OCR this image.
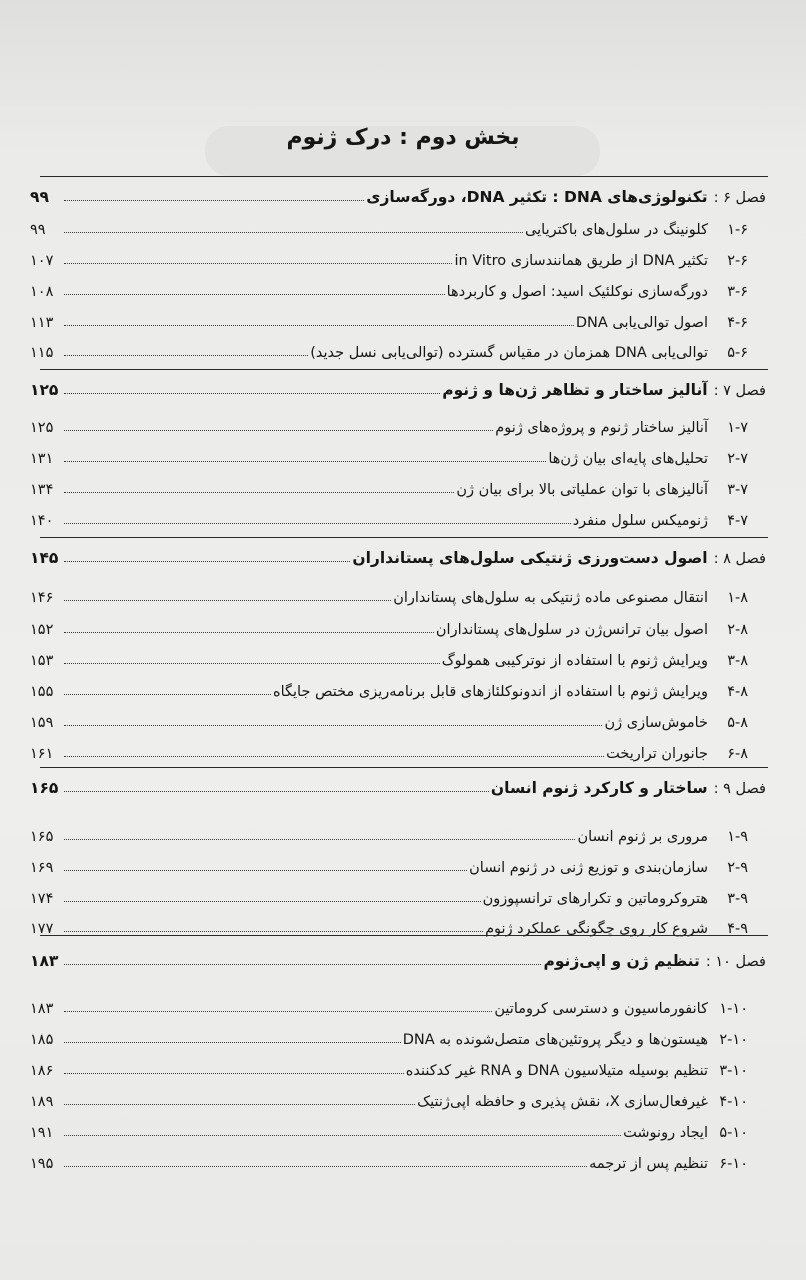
بخش دوم : درک ژنوم
فصل ۶ :
تکنولوژی‌های DNA : تکثیر DNA، دورگه‌سازی
۹۹
۱-۶
کلونینگ در سلول‌های باکتریایی
۹۹
۲-۶
تکثیر DNA از طریق همانندسازی in Vitro
۱۰۷
۳-۶
دورگه‌سازی نوکلئیک اسید: اصول و کاربردها
۱۰۸
۴-۶
اصول توالی‌یابی DNA
۱۱۳
۵-۶
توالی‌یابی DNA همزمان در مقیاس گسترده (توالی‌یابی نسل جدید)
۱۱۵
فصل ۷ :
آنالیز ساختار و تظاهر ژن‌ها و ژنوم
۱۲۵
۱-۷
آنالیز ساختار ژنوم و پروژه‌های ژنوم
۱۲۵
۲-۷
تحلیل‌های پایه‌ای بیان ژن‌ها
۱۳۱
۳-۷
آنالیزهای با توان عملیاتی بالا برای بیان ژن
۱۳۴
۴-۷
ژنومیکس سلول منفرد
۱۴۰
فصل ۸ :
اصول دست‌ورزی ژنتیکی سلول‌های پستانداران
۱۴۵
۱-۸
انتقال مصنوعی ماده ژنتیکی به سلول‌های پستانداران
۱۴۶
۲-۸
اصول بیان ترانس‌ژن در سلول‌های پستانداران
۱۵۲
۳-۸
ویرایش ژنوم با استفاده از نوترکیبی همولوگ
۱۵۳
۴-۸
ویرایش ژنوم با استفاده از اندونوکلئازهای قابل برنامه‌ریزی مختص جایگاه
۱۵۵
۵-۸
خاموش‌سازی ژن
۱۵۹
۶-۸
جانوران تراریخت
۱۶۱
فصل ۹ :
ساختار و کارکرد ژنوم انسان
۱۶۵
۱-۹
مروری بر ژنوم انسان
۱۶۵
۲-۹
سازمان‌بندی و توزیع ژنی در ژنوم انسان
۱۶۹
۳-۹
هتروکروماتین و تکرارهای ترانسپوزون
۱۷۴
۴-۹
شروع کار روی چگونگی عملکرد ژنوم
۱۷۷
فصل ۱۰ :
تنظیم ژن و اپی‌ژنوم
۱۸۳
۱-۱۰
کانفورماسیون و دسترسی کروماتین
۱۸۳
۲-۱۰
هیستون‌ها و دیگر پروتئین‌های متصل‌شونده به DNA
۱۸۵
۳-۱۰
تنظیم بوسیله متیلاسیون DNA و RNA غیر کدکننده
۱۸۶
۴-۱۰
غیرفعال‌سازی X، نقش پذیری و حافظه اپی‌ژنتیک
۱۸۹
۵-۱۰
ایجاد رونوشت
۱۹۱
۶-۱۰
تنظیم پس از ترجمه
۱۹۵
